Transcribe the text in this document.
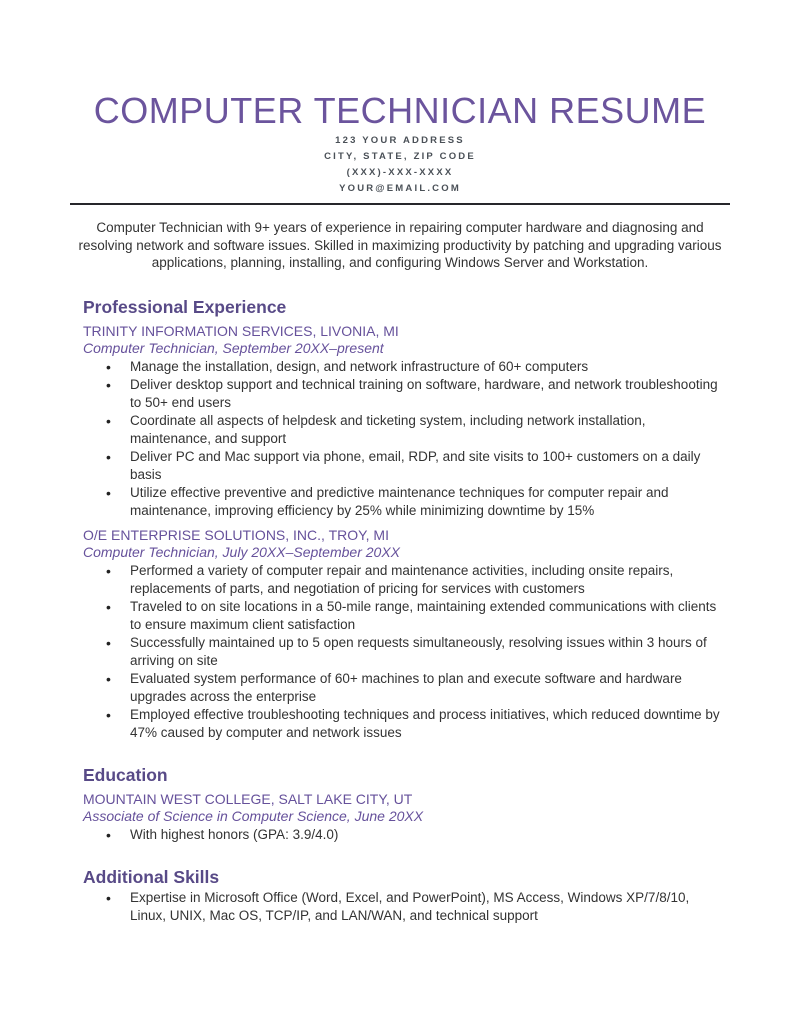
COMPUTER TECHNICIAN RESUME
123 YOUR ADDRESS
CITY, STATE, ZIP CODE
(XXX)-XXX-XXXX
YOUR@EMAIL.COM

Computer Technician with 9+ years of experience in repairing computer hardware and diagnosing and resolving network and software issues. Skilled in maximizing productivity by patching and upgrading various applications, planning, installing, and configuring Windows Server and Workstation.

Professional Experience
TRINITY INFORMATION SERVICES, LIVONIA, MI
Computer Technician, September 20XX–present
• Manage the installation, design, and network infrastructure of 60+ computers
• Deliver desktop support and technical training on software, hardware, and network troubleshooting to 50+ end users
• Coordinate all aspects of helpdesk and ticketing system, including network installation, maintenance, and support
• Deliver PC and Mac support via phone, email, RDP, and site visits to 100+ customers on a daily basis
• Utilize effective preventive and predictive maintenance techniques for computer repair and maintenance, improving efficiency by 25% while minimizing downtime by 15%
O/E ENTERPRISE SOLUTIONS, INC., TROY, MI
Computer Technician, July 20XX–September 20XX
• Performed a variety of computer repair and maintenance activities, including onsite repairs, replacements of parts, and negotiation of pricing for services with customers
• Traveled to on site locations in a 50-mile range, maintaining extended communications with clients to ensure maximum client satisfaction
• Successfully maintained up to 5 open requests simultaneously, resolving issues within 3 hours of arriving on site
• Evaluated system performance of 60+ machines to plan and execute software and hardware upgrades across the enterprise
• Employed effective troubleshooting techniques and process initiatives, which reduced downtime by 47% caused by computer and network issues
Education
MOUNTAIN WEST COLLEGE, SALT LAKE CITY, UT
Associate of Science in Computer Science, June 20XX
• With highest honors (GPA: 3.9/4.0)
Additional Skills
• Expertise in Microsoft Office (Word, Excel, and PowerPoint), MS Access, Windows XP/7/8/10, Linux, UNIX, Mac OS, TCP/IP, and LAN/WAN, and technical support
